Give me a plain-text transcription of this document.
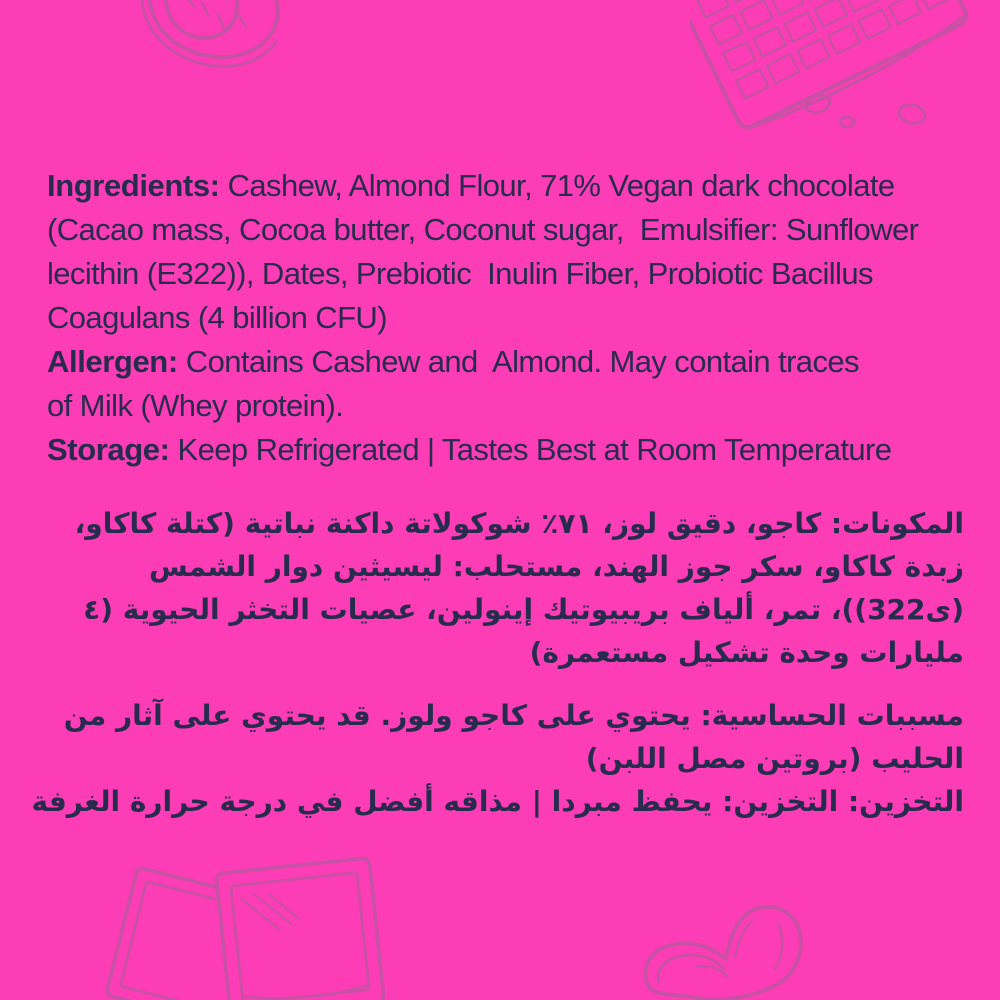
Ingredients: Cashew, Almond Flour, 71% Vegan dark chocolate
(Cacao mass, Cocoa butter, Coconut sugar,  Emulsifier: Sunflower
lecithin (E322)), Dates, Prebiotic  Inulin Fiber, Probiotic Bacillus
Coagulans (4 billion CFU)
Allergen: Contains Cashew and  Almond. May contain traces
of Milk (Whey protein).
Storage: Keep Refrigerated | Tastes Best at Room Temperature
المكونات: كاجو، دقيق لوز، ٧١٪ شوكولاتة داكنة نباتية (كتلة كاكاو،
زبدة كاكاو، سكر جوز الهند، مستحلب: ليسيثين دوار الشمس
(ى322))، تمر، ألياف بريبيوتيك إينولين، عصيات التخثر الحيوية (٤
مليارات وحدة تشكيل مستعمرة)
مسببات الحساسية: يحتوي على كاجو ولوز. قد يحتوي على آثار من
الحليب (بروتين مصل اللبن)
التخزين: التخزين: يحفظ مبردا | مذاقه أفضل في درجة حرارة الغرفة
